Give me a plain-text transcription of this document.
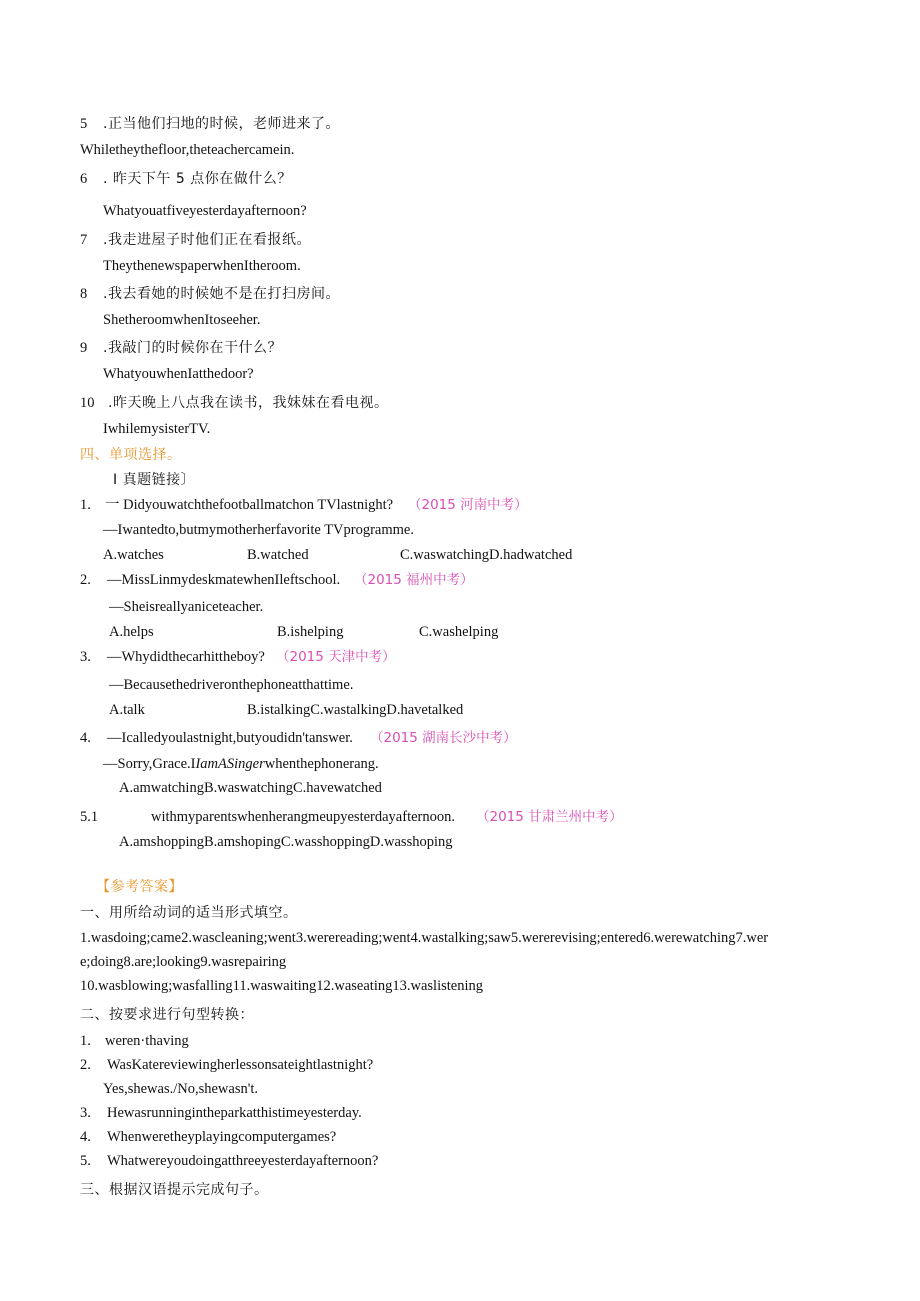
5 .正当他们扫地的时候，老师进来了。
Whiletheythefloor,theteachercamein.
6 . 昨天下午 5 点你在做什么？
Whatyouatfiveyesterdayafternoon?
7 .我走进屋子时他们正在看报纸。
TheythenewspaperwhenItheroom.
8 .我去看她的时候她不是在打扫房间。
ShetheroomwhenItoseeher.
9 .我敲门的时候你在干什么？
WhatyouwhenIatthedoor?
10 .昨天晚上八点我在读书，我妹妹在看电视。
IwhilemysisterTV.
四、单项选择。
I 真题链接〕
1. 一 Didyouwatchthefootballmatchon TVlastnight? （2015 河南中考）
—Iwantedto,butmymotherherfavorite TVprogramme.
A.watches	B.watched	C.waswatchingD.hadwatched
2. —MissLinmydeskmatewhenIleftschool. （2015 福州中考）
—Sheisreallyanicete​acher.
A.helps	B.ishelping	C.washelping
3. —Whydidthecarhittheboy? （2015 天津中考）
—Becausethedriveronthephoneatthattime.
A.talk	B.istalkingC.wastalkingD.havetalked
4. —Icalledyoulastnight,butyoudidn'tanswer. （2015 湖南长沙中考）
—Sorry,Grace.IIamASingerwhenthephonerang.
A.amwatchingB.waswatchingC.havewatched
5.1	withmyparentswhenherangmeupyesterdayafternoon. （2015 甘肃兰州中考）
A.amshoppingB.amshopingC.wasshoppingD.wasshoping
【参考答案】
一、用所给动词的适当形式填空。
1.wasdoing;came2.wascleaning;went3.werereading;went4.wastalking;saw5.wererevising;entered6.werewatching7.wer
e;doing8.are;looking9.wasrepairing
10.wasblowing;wasfalling11.waswaiting12.waseating13.waslistening
二、按要求进行句型转换：
1. weren·thaving
2. WasKatereviewingherlessonsateightlastnight?
Yes,shewas./No,shewasn't.
3. Hewasrunningintheparkatthistimeyesterday.
4. Whenweretheyplayingcomputergames?
5. Whatwereyoudoingatthreeyesterdayafternoon?
三、根据汉语提示完成句子。
